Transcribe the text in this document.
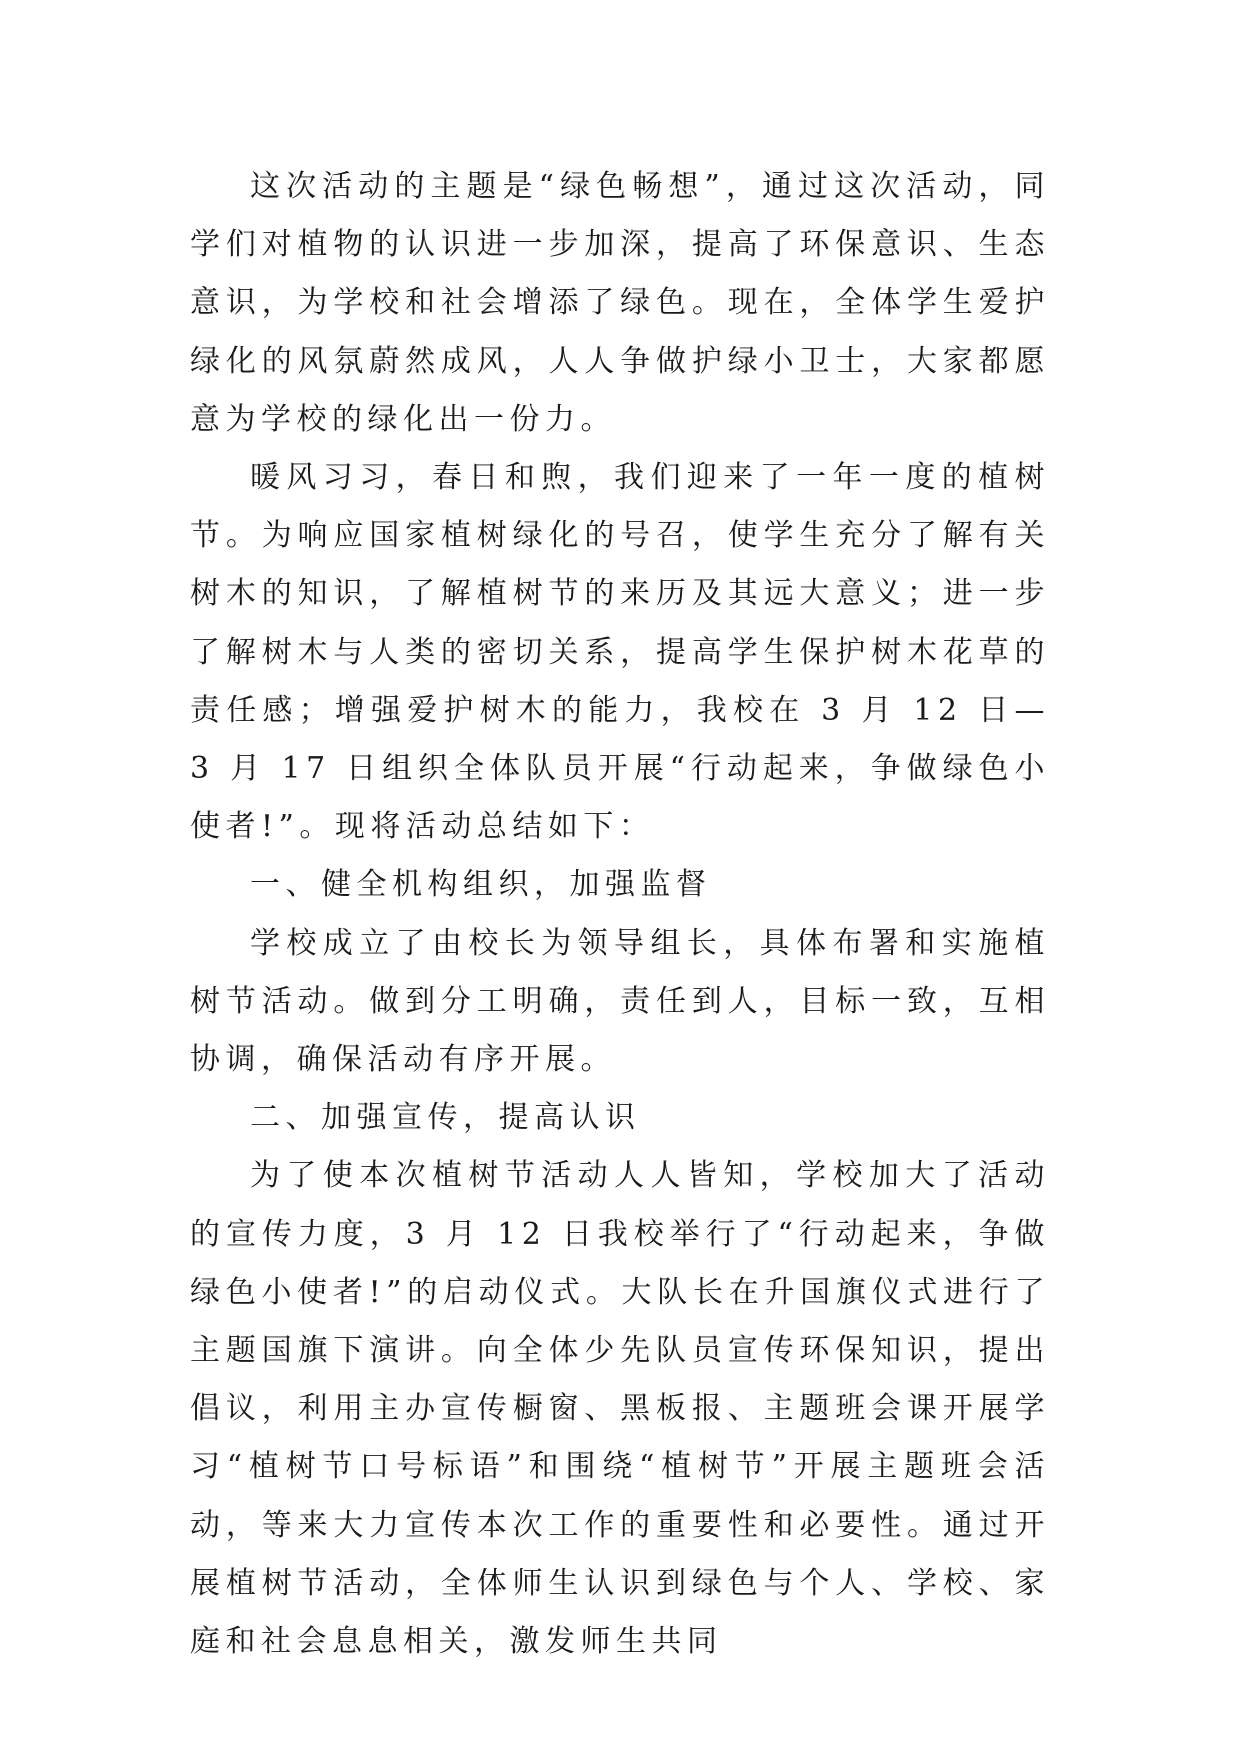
这次活动的主题是“绿色畅想”，通过这次活动，同学们对植物的认识进一步加深，提高了环保意识、生态意识，为学校和社会增添了绿色。现在，全体学生爱护绿化的风氛蔚然成风，人人争做护绿小卫士，大家都愿意为学校的绿化出一份力。

暖风习习，春日和煦，我们迎来了一年一度的植树节。为响应国家植树绿化的号召，使学生充分了解有关树木的知识，了解植树节的来历及其远大意义；进一步了解树木与人类的密切关系，提高学生保护树木花草的责任感；增强爱护树木的能力，我校在 3 月 12 日—3 月 17 日组织全体队员开展“行动起来，争做绿色小使者!”。现将活动总结如下：

一、健全机构组织，加强监督

学校成立了由校长为领导组长，具体布署和实施植树节活动。做到分工明确，责任到人，目标一致，互相协调，确保活动有序开展。

二、加强宣传，提高认识

为了使本次植树节活动人人皆知，学校加大了活动的宣传力度，3 月 12 日我校举行了“行动起来，争做绿色小使者!”的启动仪式。大队长在升国旗仪式进行了主题国旗下演讲。向全体少先队员宣传环保知识，提出倡议，利用主办宣传橱窗、黑板报、主题班会课开展学习“植树节口号标语”和围绕“植树节”开展主题班会活动，等来大力宣传本次工作的重要性和必要性。通过开展植树节活动，全体师生认识到绿色与个人、学校、家庭和社会息息相关，激发师生共同
